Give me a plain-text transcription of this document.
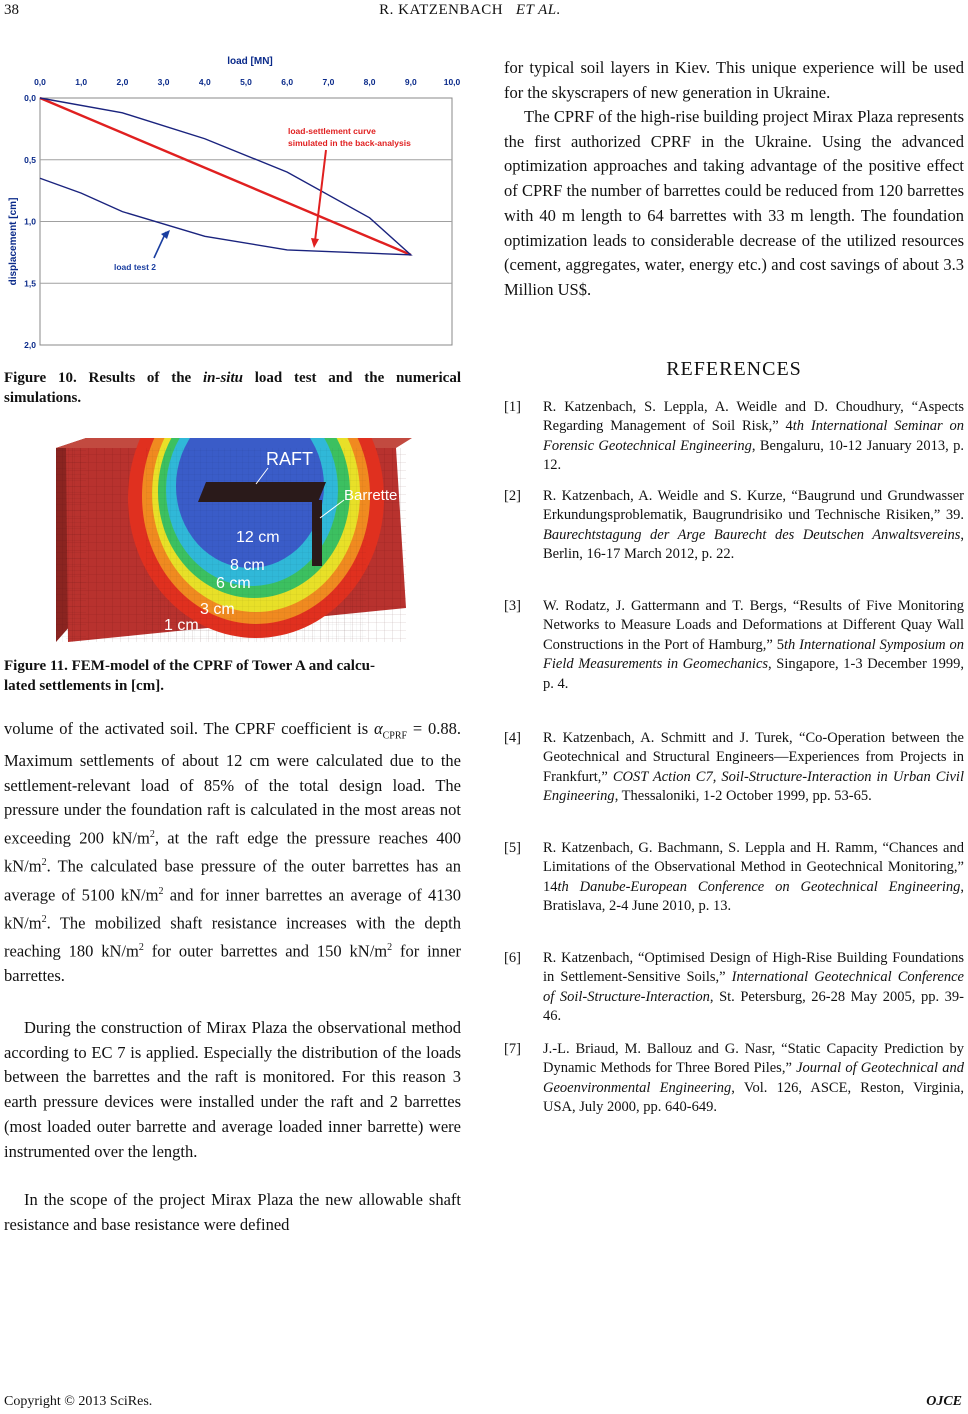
38	R. KATZENBACH ET AL.
0,0	1,0	2,0	3,0	4,0	5,0	6,0	7,0	8,0	9,0	10,0
0,0
0,5
1,0
1,5
2,0
load [MN]
displacement [cm]
load-settlement curve
simulated in the back-analysis
load test 2
Figure 10. Results of the in-situ load test and the numerical simulations.
RAFT
Barrette
12 cm
8 cm
6 cm
3 cm
1 cm
Figure 11. FEM-model of the CPRF of Tower A and calcu-
lated settlements in [cm].
volume of the activated soil. The CPRF coefficient is $\alpha_{CPRF} = 0.88$. Maximum settlements of about 12 cm were calculated due to the settlement-relevant load of 85% of the total design load. The pressure under the foundation raft is calculated in the most areas not exceeding 200 $kN/m^2$, at the raft edge the pressure reaches 400 $kN/m^2$. The calculated base pressure of the outer barrettes has an average of 5100 $kN/m^2$ and for inner barrettes an average of 4130 $kN/m^2$. The mobilized shaft resistance increases with the depth reaching 180 $kN/m^2$ for outer barrettes and 150 $kN/m^2$ for inner barrettes.
During the construction of Mirax Plaza the observational method according to EC 7 is applied. Especially the distribution of the loads between the barrettes and the raft is monitored. For this reason 3 earth pressure devices were installed under the raft and 2 barrettes (most loaded outer barrette and average loaded inner barrette) were instrumented over the length.
In the scope of the project Mirax Plaza the new allowable shaft resistance and base resistance were defined
for typical soil layers in Kiev. This unique experience will be used for the skyscrapers of new generation in Ukraine.
The CPRF of the high-rise building project Mirax Plaza represents the first authorized CPRF in the Ukraine. Using the advanced optimization approaches and taking advantage of the positive effect of CPRF the number of barrettes could be reduced from 120 barrettes with 40 m length to 64 barrettes with 33 m length. The foundation optimization leads to considerable decrease of the utilized resources (cement, aggregates, water, energy etc.) and cost savings of about 3.3 Million US$.
REFERENCES
[1] R. Katzenbach, S. Leppla, A. Weidle and D. Choudhury, “Aspects Regarding Management of Soil Risk,” 4th International Seminar on Forensic Geotechnical Engineering, Bengaluru, 10-12 January 2013, p. 12.
[2] R. Katzenbach, A. Weidle and S. Kurze, “Baugrund und Grundwasser Erkundungsproblematik, Baugrundrisiko und Technische Risiken,” 39. Baurechtstagung der Arge Baurecht des Deutschen Anwaltsvereins, Berlin, 16-17 March 2012, p. 22.
[3] W. Rodatz, J. Gattermann and T. Bergs, “Results of Five Monitoring Networks to Measure Loads and Deformations at Different Quay Wall Constructions in the Port of Hamburg,” 5th International Symposium on Field Measurements in Geomechanics, Singapore, 1-3 December 1999, p. 4.
[4] R. Katzenbach, A. Schmitt and J. Turek, “Co-Operation between the Geotechnical and Structural Engineers—Experiences from Projects in Frankfurt,” COST Action C7, Soil-Structure-Interaction in Urban Civil Engineering, Thessaloniki, 1-2 October 1999, pp. 53-65.
[5] R. Katzenbach, G. Bachmann, S. Leppla and H. Ramm, “Chances and Limitations of the Observational Method in Geotechnical Monitoring,” 14th Danube-European Conference on Geotechnical Engineering, Bratislava, 2-4 June 2010, p. 13.
[6] R. Katzenbach, “Optimised Design of High-Rise Building Foundations in Settlement-Sensitive Soils,” International Geotechnical Conference of Soil-Structure-Interaction, St. Petersburg, 26-28 May 2005, pp. 39-46.
[7] J.-L. Briaud, M. Ballouz and G. Nasr, “Static Capacity Prediction by Dynamic Methods for Three Bored Piles,” Journal of Geotechnical and Geoenvironmental Engineering, Vol. 126, ASCE, Reston, Virginia, USA, July 2000, pp. 640-649.
Copyright © 2013 SciRes.	OJCE
